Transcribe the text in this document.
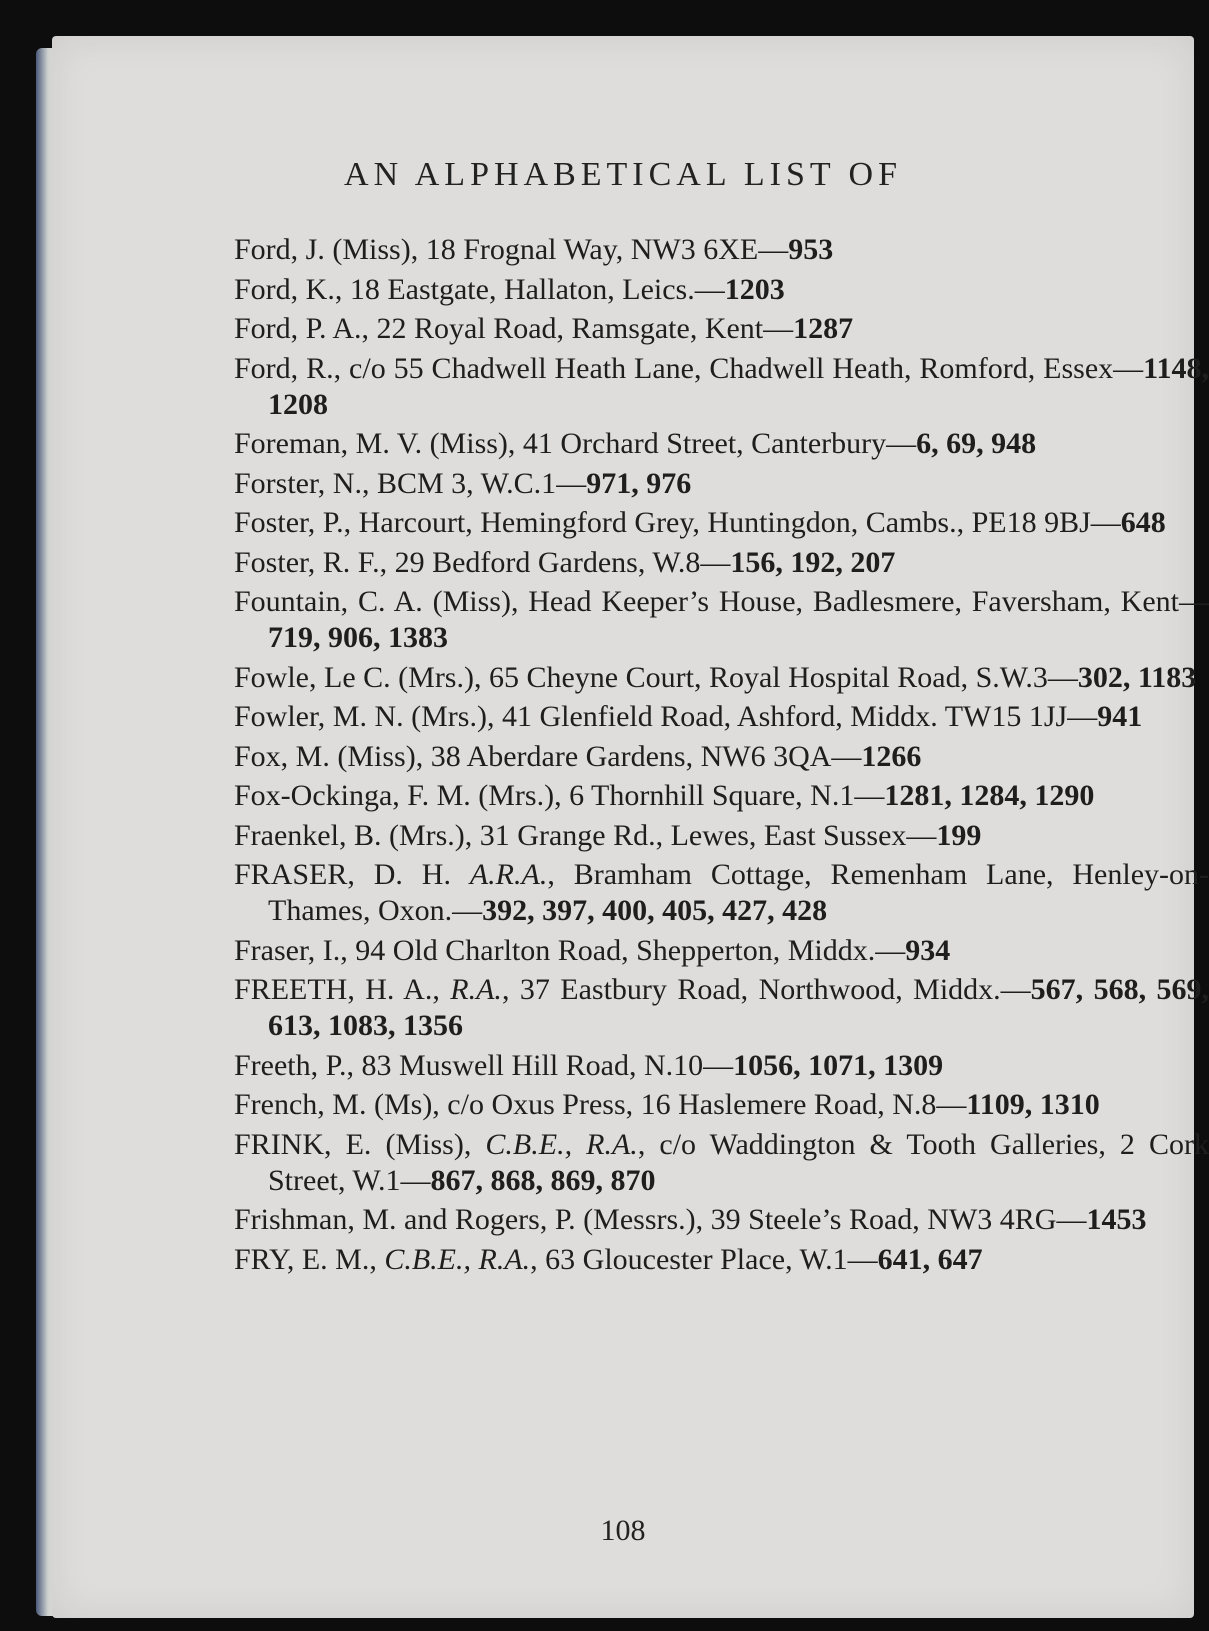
AN ALPHABETICAL LIST OF
Ford, J. (Miss), 18 Frognal Way, NW3 6XE—953
Ford, K., 18 Eastgate, Hallaton, Leics.—1203
Ford, P. A., 22 Royal Road, Ramsgate, Kent—1287
Ford, R., c/o 55 Chadwell Heath Lane, Chadwell Heath, Romford, Essex—1148, 1208
Foreman, M. V. (Miss), 41 Orchard Street, Canterbury—6, 69, 948
Forster, N., BCM 3, W.C.1—971, 976
Foster, P., Harcourt, Hemingford Grey, Huntingdon, Cambs., PE18 9BJ—648
Foster, R. F., 29 Bedford Gardens, W.8—156, 192, 207
Fountain, C. A. (Miss), Head Keeper’s House, Badlesmere, Faversham, Kent—719, 906, 1383
Fowle, Le C. (Mrs.), 65 Cheyne Court, Royal Hospital Road, S.W.3—302, 1183
Fowler, M. N. (Mrs.), 41 Glenfield Road, Ashford, Middx. TW15 1JJ—941
Fox, M. (Miss), 38 Aberdare Gardens, NW6 3QA—1266
Fox-Ockinga, F. M. (Mrs.), 6 Thornhill Square, N.1—1281, 1284, 1290
Fraenkel, B. (Mrs.), 31 Grange Rd., Lewes, East Sussex—199
FRASER, D. H. A.R.A., Bramham Cottage, Remenham Lane, Henley-on-Thames, Oxon.—392, 397, 400, 405, 427, 428
Fraser, I., 94 Old Charlton Road, Shepperton, Middx.—934
FREETH, H. A., R.A., 37 Eastbury Road, Northwood, Middx.—567, 568, 569, 613, 1083, 1356
Freeth, P., 83 Muswell Hill Road, N.10—1056, 1071, 1309
French, M. (Ms), c/o Oxus Press, 16 Haslemere Road, N.8—1109, 1310
FRINK, E. (Miss), C.B.E., R.A., c/o Waddington & Tooth Galleries, 2 Cork Street, W.1—867, 868, 869, 870
Frishman, M. and Rogers, P. (Messrs.), 39 Steele’s Road, NW3 4RG—1453
FRY, E. M., C.B.E., R.A., 63 Gloucester Place, W.1—641, 647
108
